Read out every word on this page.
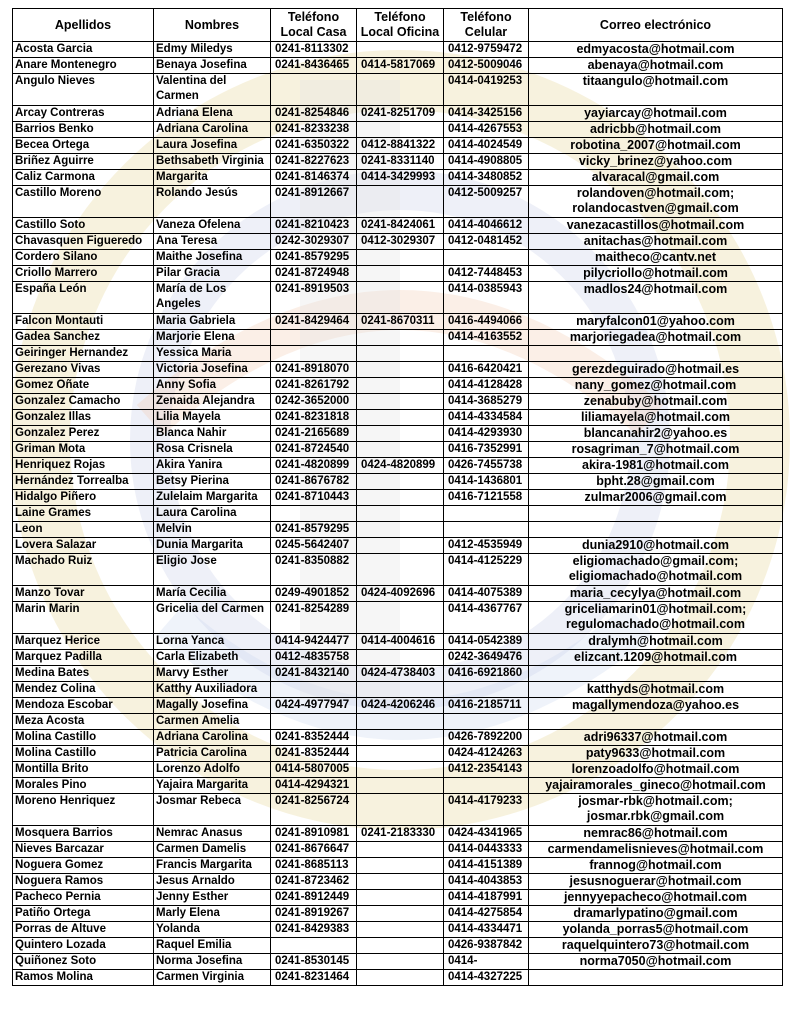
Apellidos	Nombres	Teléfono Local Casa	Teléfono Local Oficina	Teléfono Celular	Correo electrónico
Acosta Garcia	Edmy Miledys	0241-8113302		0412-9759472	edmyacosta@hotmail.com
Anare Montenegro	Benaya Josefina	0241-8436465	0414-5817069	0412-5009046	abenaya@hotmail.com
Angulo Nieves	Valentina del Carmen			0414-0419253	titaangulo@hotmail.com
Arcay Contreras	Adriana Elena	0241-8254846	0241-8251709	0414-3425156	yayiarcay@hotmail.com
Barrios Benko	Adriana Carolina	0241-8233238		0414-4267553	adricbb@hotmail.com
Becea Ortega	Laura Josefina	0241-6350322	0412-8841322	0414-4024549	robotina_2007@hotmail.com
Briñez Aguirre	Bethsabeth Virginia	0241-8227623	0241-8331140	0414-4908805	vicky_brinez@yahoo.com
Caliz Carmona	Margarita	0241-8146374	0414-3429993	0414-3480852	alvaracal@gmail.com
Castillo Moreno	Rolando Jesús	0241-8912667		0412-5009257	rolandoven@hotmail.com; rolandocastven@gmail.com
Castillo Soto	Vaneza Ofelena	0241-8210423	0241-8424061	0414-4046612	vanezacastillos@hotmail.com
Chavasquen Figueredo	Ana Teresa	0242-3029307	0412-3029307	0412-0481452	anitachas@hotmail.com
Cordero Silano	Maithe Josefina	0241-8579295			maitheco@cantv.net
Criollo Marrero	Pilar Gracia	0241-8724948		0412-7448453	pilycriollo@hotmail.com
España León	María de Los Angeles	0241-8919503		0414-0385943	madlos24@hotmail.com
Falcon Montauti	Maria Gabriela	0241-8429464	0241-8670311	0416-4494066	maryfalcon01@yahoo.com
Gadea Sanchez	Marjorie Elena			0414-4163552	marjoriegadea@hotmail.com
Geiringer Hernandez	Yessica Maria				
Gerezano Vivas	Victoria Josefina	0241-8918070		0416-6420421	gerezdeguirado@hotmail.es
Gomez Oñate	Anny Sofia	0241-8261792		0414-4128428	nany_gomez@hotmail.com
Gonzalez Camacho	Zenaida Alejandra	0242-3652000		0414-3685279	zenabuby@hotmail.com
Gonzalez Illas	Lilia Mayela	0241-8231818		0414-4334584	liliamayela@hotmail.com
Gonzalez Perez	Blanca Nahir	0241-2165689		0414-4293930	blancanahir2@yahoo.es
Griman Mota	Rosa Crisnela	0241-8724540		0416-7352991	rosagriman_7@hotmail.com
Henriquez Rojas	Akira Yanira	0241-4820899	0424-4820899	0426-7455738	akira-1981@hotmail.com
Hernández Torrealba	Betsy Pierina	0241-8676782		0414-1436801	bpht.28@gmail.com
Hidalgo Piñero	Zulelaim Margarita	0241-8710443		0416-7121558	zulmar2006@gmail.com
Laine Grames	Laura Carolina				
Leon	Melvin	0241-8579295			
Lovera Salazar	Dunia Margarita	0245-5642407		0412-4535949	dunia2910@hotmail.com
Machado Ruiz	Eligio Jose	0241-8350882		0414-4125229	eligiomachado@gmail.com; eligiomachado@hotmail.com
Manzo Tovar	María Cecilia	0249-4901852	0424-4092696	0414-4075389	maria_cecylya@hotmail.com
Marin Marin	Gricelia del Carmen	0241-8254289		0414-4367767	griceliamarin01@hotmail.com; regulomachado@hotmail.com
Marquez Herice	Lorna Yanca	0414-9424477	0414-4004616	0414-0542389	dralymh@hotmail.com
Marquez Padilla	Carla Elizabeth	0412-4835758		0242-3649476	elizcant.1209@hotmail.com
Medina Bates	Marvy Esther	0241-8432140	0424-4738403	0416-6921860	
Mendez Colina	Katthy Auxiliadora				katthyds@hotmail.com
Mendoza Escobar	Magally Josefina	0424-4977947	0424-4206246	0416-2185711	magallymendoza@yahoo.es
Meza Acosta	Carmen Amelia				
Molina Castillo	Adriana Carolina	0241-8352444		0426-7892200	adri96337@hotmail.com
Molina Castillo	Patricia Carolina	0241-8352444		0424-4124263	paty9633@hotmail.com
Montilla Brito	Lorenzo Adolfo	0414-5807005		0412-2354143	lorenzoadolfo@hotmail.com
Morales Pino	Yajaira Margarita	0414-4294321			yajairamorales_gineco@hotmail.com
Moreno Henriquez	Josmar Rebeca	0241-8256724		0414-4179233	josmar-rbk@hotmail.com; josmar.rbk@gmail.com
Mosquera Barrios	Nemrac Anasus	0241-8910981	0241-2183330	0424-4341965	nemrac86@hotmail.com
Nieves Barcazar	Carmen Damelis	0241-8676647		0414-0443333	carmendamelisnieves@hotmail.com
Noguera Gomez	Francis Margarita	0241-8685113		0414-4151389	frannog@hotmail.com
Noguera Ramos	Jesus Arnaldo	0241-8723462		0414-4043853	jesusnoguerar@hotmail.com
Pacheco Pernia	Jenny Esther	0241-8912449		0414-4187991	jennyyepacheco@hotmail.com
Patiño Ortega	Marly Elena	0241-8919267		0414-4275854	dramarlypatino@gmail.com
Porras de Altuve	Yolanda	0241-8429383		0414-4334471	yolanda_porras5@hotmail.com
Quintero Lozada	Raquel Emilia			0426-9387842	raquelquintero73@hotmail.com
Quiñonez Soto	Norma Josefina	0241-8530145		0414-	norma7050@hotmail.com
Ramos Molina	Carmen Virginia	0241-8231464		0414-4327225	
